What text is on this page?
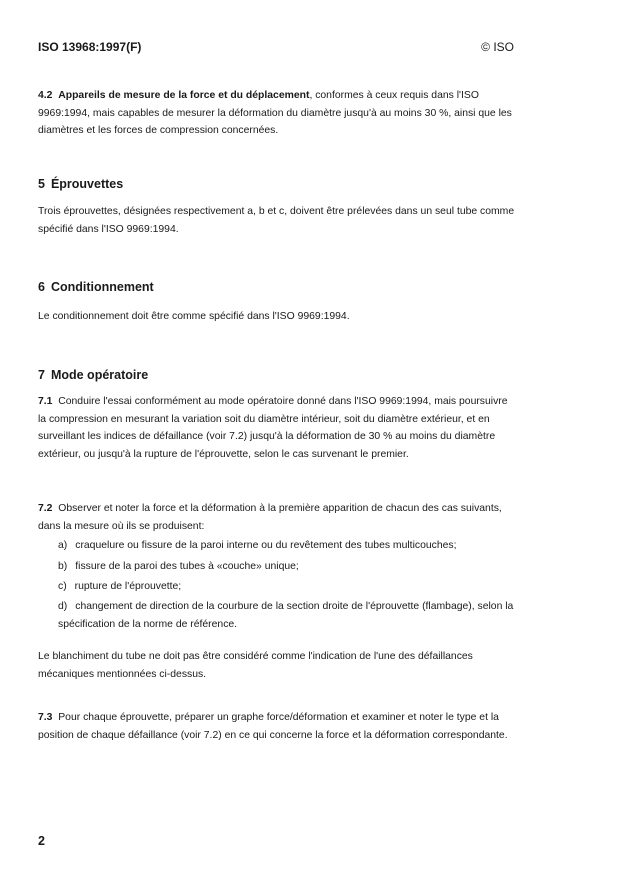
ISO 13968:1997(F)	© ISO

4.2 Appareils de mesure de la force et du déplacement, conformes à ceux requis dans l'ISO 9969:1994, mais capables de mesurer la déformation du diamètre jusqu'à au moins 30 %, ainsi que les diamètres et les forces de compression concernées.

5 Éprouvettes

Trois éprouvettes, désignées respectivement a, b et c, doivent être prélevées dans un seul tube comme spécifié dans l'ISO 9969:1994.

6 Conditionnement

Le conditionnement doit être comme spécifié dans l'ISO 9969:1994.

7 Mode opératoire

7.1 Conduire l'essai conformément au mode opératoire donné dans l'ISO 9969:1994, mais poursuivre la compression en mesurant la variation soit du diamètre intérieur, soit du diamètre extérieur, et en surveillant les indices de défaillance (voir 7.2) jusqu'à la déformation de 30 % au moins du diamètre extérieur, ou jusqu'à la rupture de l'éprouvette, selon le cas survenant le premier.

7.2 Observer et noter la force et la déformation à la première apparition de chacun des cas suivants, dans la mesure où ils se produisent:

a) craquelure ou fissure de la paroi interne ou du revêtement des tubes multicouches;

b) fissure de la paroi des tubes à «couche» unique;

c) rupture de l'éprouvette;

d) changement de direction de la courbure de la section droite de l'éprouvette (flambage), selon la spécification de la norme de référence.

Le blanchiment du tube ne doit pas être considéré comme l'indication de l'une des défaillances mécaniques mentionnées ci-dessus.

7.3 Pour chaque éprouvette, préparer un graphe force/déformation et examiner et noter le type et la position de chaque défaillance (voir 7.2) en ce qui concerne la force et la déformation correspondante.

2
